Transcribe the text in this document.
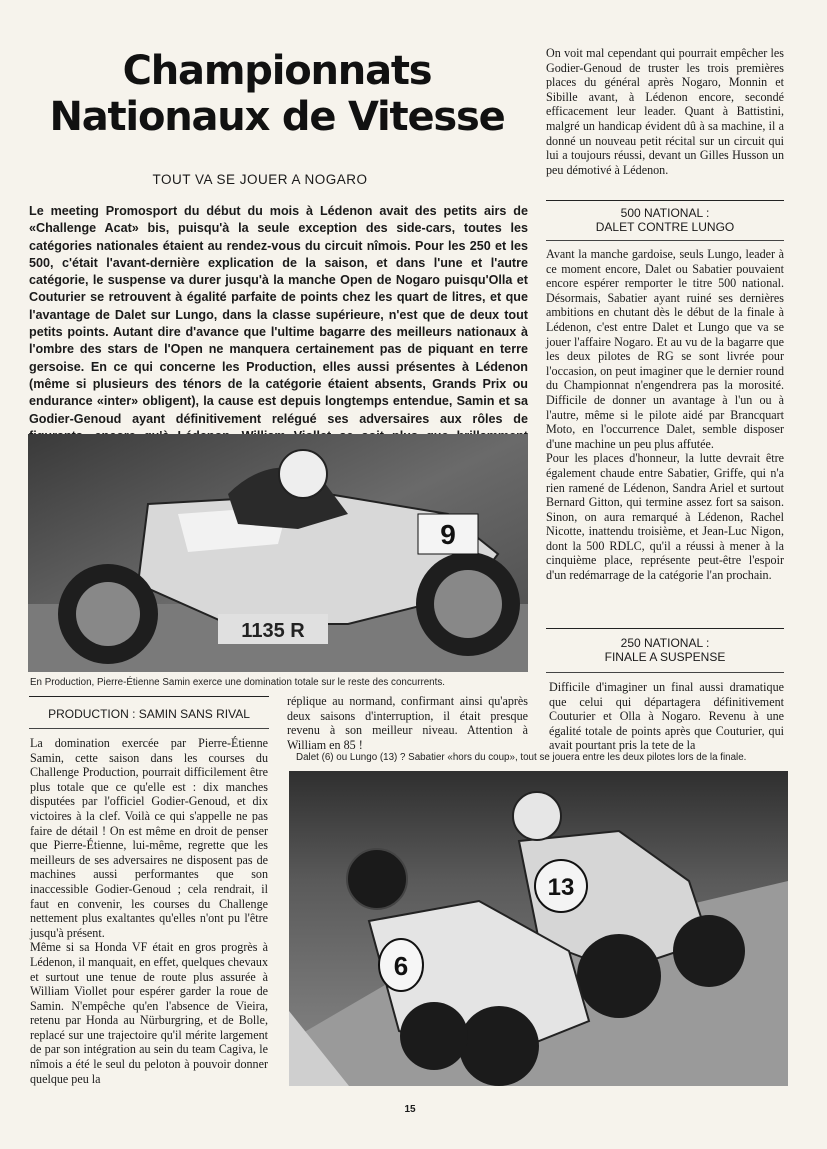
Championnats
Nationaux de Vitesse
TOUT VA SE JOUER A NOGARO

Le meeting Promosport du début du mois à Lédenon avait des petits airs de «Challenge Acat» bis, puisqu'à la seule exception des side-cars, toutes les catégories nationales étaient au rendez-vous du circuit nîmois. Pour les 250 et les 500, c'était l'avant-dernière explication de la saison, et dans l'une et l'autre catégorie, le suspense va durer jusqu'à la manche Open de Nogaro puisqu'Olla et Couturier se retrouvent à égalité parfaite de points chez les quart de litres, et que l'avantage de Dalet sur Lungo, dans la classe supérieure, n'est que de deux tout petits points. Autant dire d'avance que l'ultime bagarre des meilleurs nationaux à l'ombre des stars de l'Open ne manquera certainement pas de piquant en terre gersoise. En ce qui concerne les Production, elles aussi présentes à Lédenon (même si plusieurs des ténors de la catégorie étaient absents, Grands Prix ou endurance «inter» obligent), la cause est depuis longtemps entendue, Samin et sa Godier-Genoud ayant définitivement relégué ses adversaires aux rôles de

9
1135 R
En Production, Pierre-Étienne Samin exerce une domination totale sur le reste des concurrents.
PRODUCTION : SAMIN SANS RIVAL

La domination exercée par Pierre-Étienne Samin, cette saison dans les courses du Challenge Production, pourrait difficilement être plus totale que ce qu'elle est : dix manches disputées par l'officiel Godier-Genoud, et dix victoires à la clef. Voilà ce qui s'appelle ne pas faire de détail ! On est même en droit de penser que Pierre-Étienne, lui-même, regrette que les meilleurs de ses adversaires ne disposent pas de machines aussi performantes que son inaccessible Godier-Genoud ; cela rendrait, il faut en convenir, les courses du Challenge nettement plus exaltantes qu'elles n'ont pu l'être jusqu'à présent.
Même si sa Honda VF était en gros progrès à Lédenon, il manquait, en effet, quelques chevaux et surtout une tenue de route plus assurée à William Viollet pour espérer garder la roue de Samin. N'empêche qu'en l'absence de Vieira, retenu par Honda au Nürburgring, et de Bolle, replacé sur une trajectoire qu'il mérite largement de par son intégration au sein du team Cagiva, le nîmois a été le seul du peloton à pouvoir donner quelque peu la

réplique au normand, confirmant ainsi qu'après deux saisons d'interruption, il était presque revenu à son meilleur niveau. Attention à William en 85 !

On voit mal cependant qui pourrait empêcher les Godier-Genoud de truster les trois premières places du général après Nogaro, Monnin et Sibille avant, à Lédenon encore, secondé efficacement leur leader. Quant à Battistini, malgré un handicap évident dû à sa machine, il a donné un nouveau petit récital sur un circuit qui lui a toujours réussi, devant un Gilles Husson un peu démotivé à Lédenon.

500 NATIONAL :
DALET CONTRE LUNGO

Avant la manche gardoise, seuls Lungo, leader à ce moment encore, Dalet ou Sabatier pouvaient encore espérer remporter le titre 500 national. Désormais, Sabatier ayant ruiné ses dernières ambitions en chutant dès le début de la finale à Lédenon, c'est entre Dalet et Lungo que va se jouer l'affaire Nogaro. Et au vu de la bagarre que les deux pilotes de RG se sont livrée pour l'occasion, on peut imaginer que le dernier round du Championnat n'engendrera pas la morosité. Difficile de donner un avantage à l'un ou à l'autre, même si le pilote aidé par Brancquart Moto, en l'occurrence Dalet, semble disposer d'une machine un peu plus affutée.
Pour les places d'honneur, la lutte devrait être également chaude entre Sabatier, Griffe, qui n'a rien ramené de Lédenon, Sandra Ariel et surtout Bernard Gitton, qui termine assez fort sa saison. Sinon, on aura remarqué à Lédenon, Rachel Nicotte, inattendu troisième, et Jean-Luc Nigon, dont la 500 RDLC, qu'il a réussi à mener à la cinquième place, représente peut-être l'espoir d'un redémarrage de la catégorie l'an prochain.

250 NATIONAL :
FINALE A SUSPENSE

Difficile d'imaginer un final aussi dramatique que celui qui départagera définitivement Couturier et Olla à Nogaro. Revenu à une égalité totale de points après que Couturier, qui avait pourtant pris la tete de la

Dalet (6) ou Lungo (13) ? Sabatier «hors du coup», tout se jouera entre les deux pilotes lors de la finale.
13
6
15
